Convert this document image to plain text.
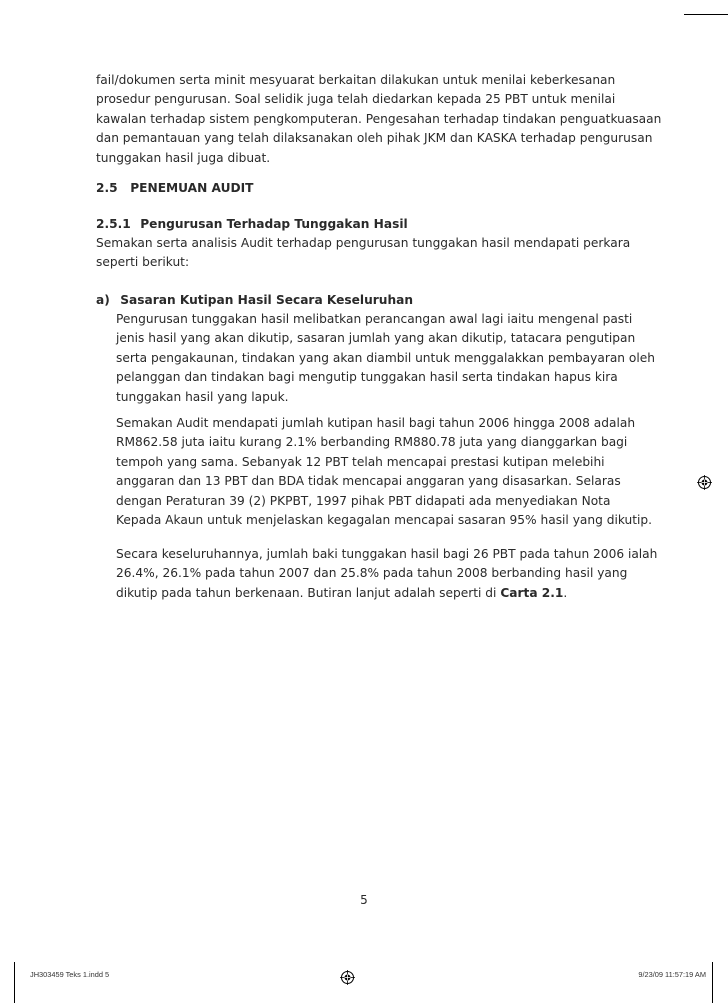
fail/dokumen serta minit mesyuarat berkaitan dilakukan untuk menilai keberkesanan
prosedur pengurusan. Soal selidik juga telah diedarkan kepada 25 PBT untuk menilai
kawalan terhadap sistem pengkomputeran. Pengesahan terhadap tindakan penguatkuasaan
dan pemantauan yang telah dilaksanakan oleh pihak JKM dan KASKA terhadap pengurusan
tunggakan hasil juga dibuat.
2.5 PENEMUAN AUDIT
2.5.1 Pengurusan Terhadap Tunggakan Hasil
Semakan serta analisis Audit terhadap pengurusan tunggakan hasil mendapati perkara
seperti berikut:
a) Sasaran Kutipan Hasil Secara Keseluruhan
Pengurusan tunggakan hasil melibatkan perancangan awal lagi iaitu mengenal pasti
jenis hasil yang akan dikutip, sasaran jumlah yang akan dikutip, tatacara pengutipan
serta pengakaunan, tindakan yang akan diambil untuk menggalakkan pembayaran oleh
pelanggan dan tindakan bagi mengutip tunggakan hasil serta tindakan hapus kira
tunggakan hasil yang lapuk.
Semakan Audit mendapati jumlah kutipan hasil bagi tahun 2006 hingga 2008 adalah
RM862.58 juta iaitu kurang 2.1% berbanding RM880.78 juta yang dianggarkan bagi
tempoh yang sama. Sebanyak 12 PBT telah mencapai prestasi kutipan melebihi
anggaran dan 13 PBT dan BDA tidak mencapai anggaran yang disasarkan. Selaras
dengan Peraturan 39 (2) PKPBT, 1997 pihak PBT didapati ada menyediakan Nota
Kepada Akaun untuk menjelaskan kegagalan mencapai sasaran 95% hasil yang dikutip.
Secara keseluruhannya, jumlah baki tunggakan hasil bagi 26 PBT pada tahun 2006 ialah
26.4%, 26.1% pada tahun 2007 dan 25.8% pada tahun 2008 berbanding hasil yang
dikutip pada tahun berkenaan. Butiran lanjut adalah seperti di Carta 2.1.
5
JH303459 Teks 1.indd 5	9/23/09 11:57:19 AM
